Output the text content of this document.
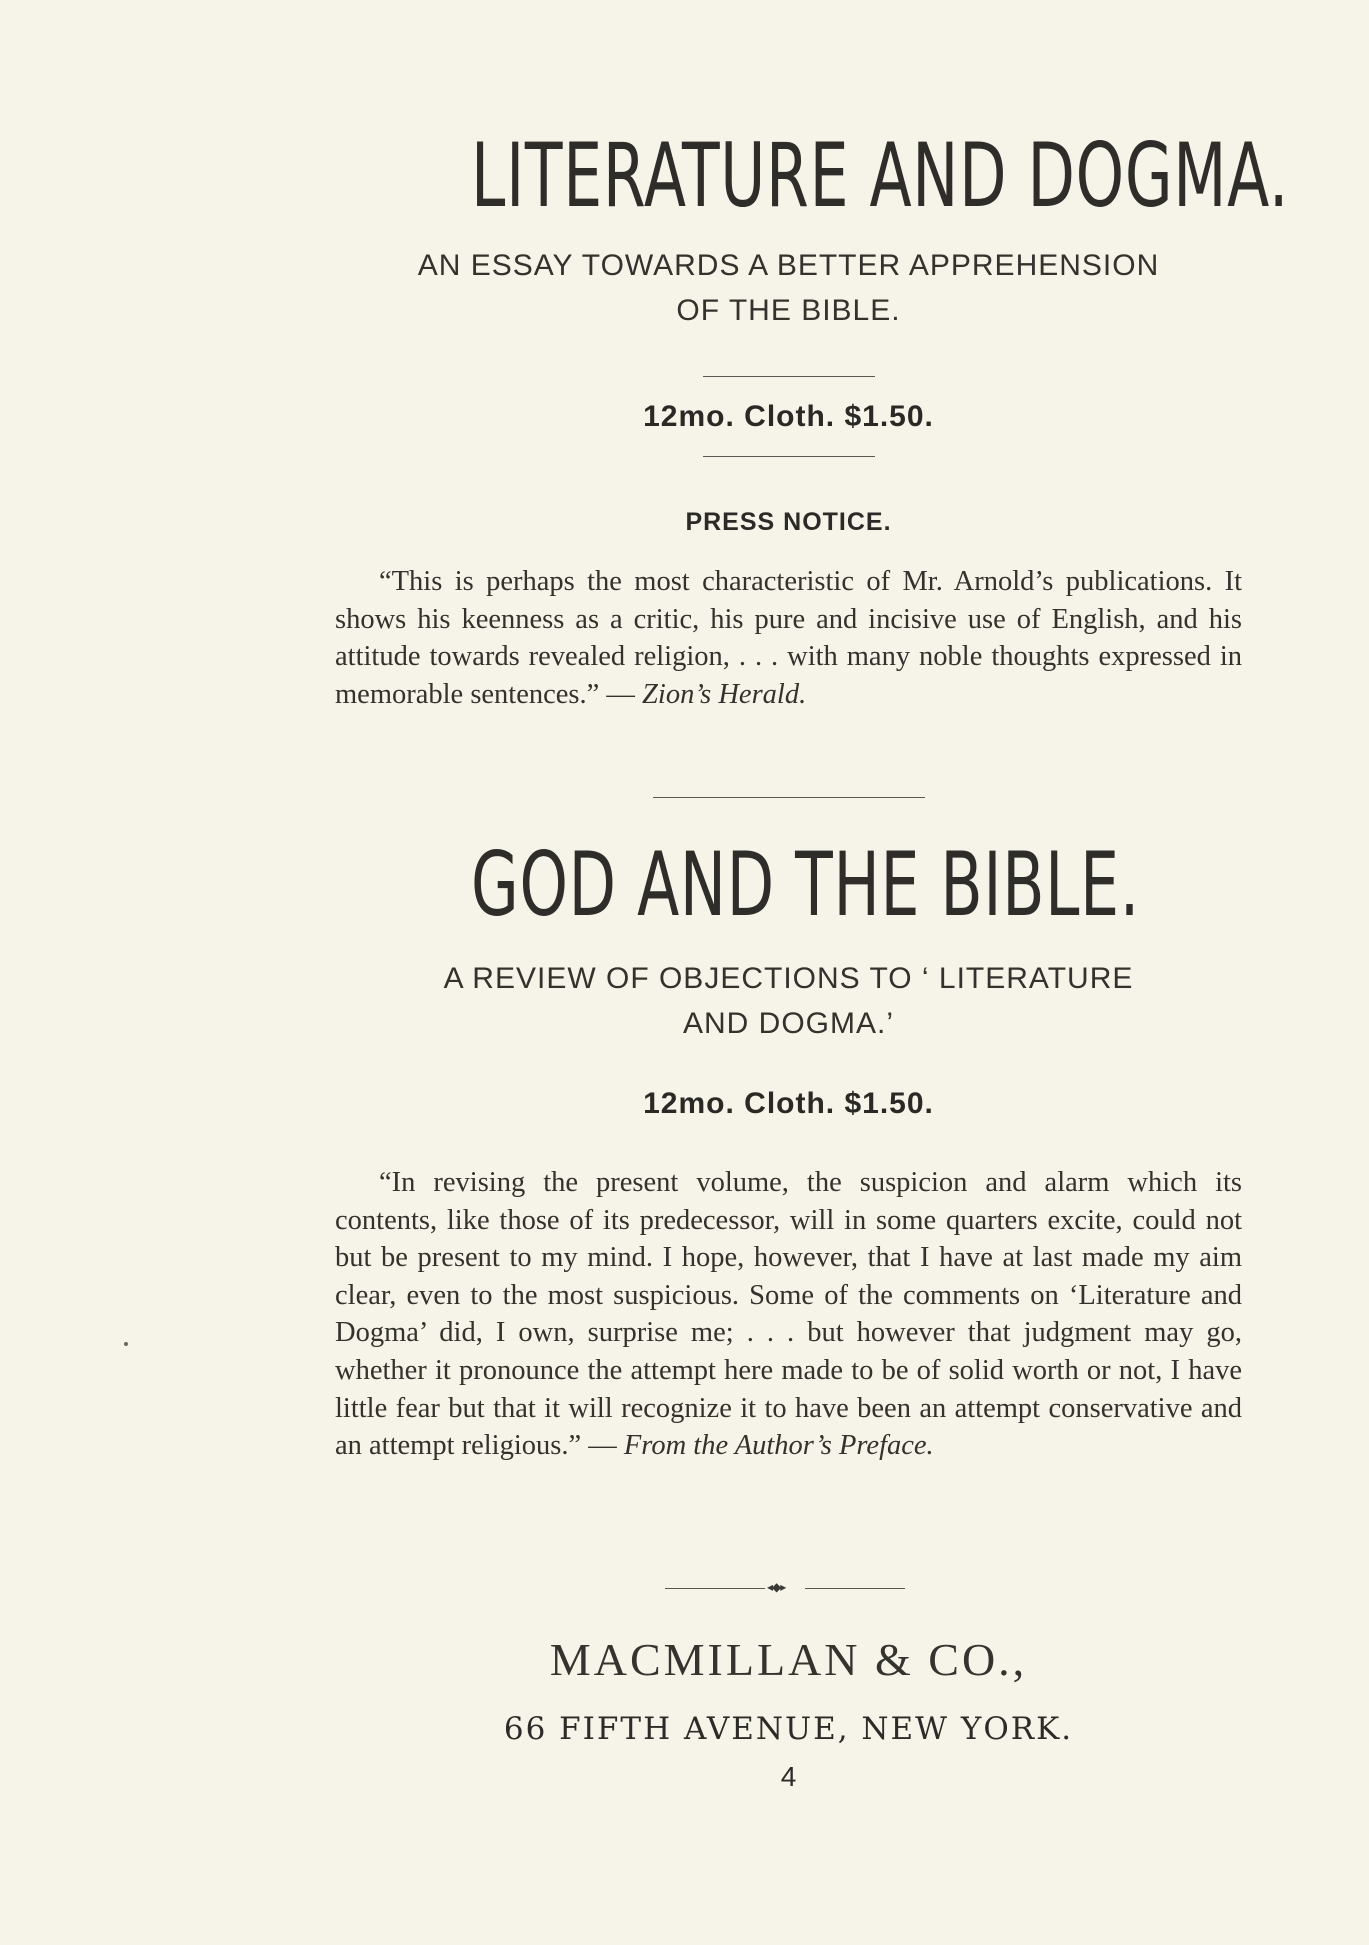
LITERATURE AND DOGMA.
AN ESSAY TOWARDS A BETTER APPREHENSION
OF THE BIBLE.
12mo. Cloth. $1.50.
PRESS NOTICE.
“This is perhaps the most characteristic of Mr. Arnold’s publications. It shows his keenness as a critic, his pure and incisive use of English, and his attitude towards revealed religion, . . . with many noble thoughts expressed in memorable sentences.” — Zion’s Herald.
GOD AND THE BIBLE.
A REVIEW OF OBJECTIONS TO ‘ LITERATURE
AND DOGMA.’
12mo. Cloth. $1.50.
“In revising the present volume, the suspicion and alarm which its contents, like those of its predecessor, will in some quarters excite, could not but be present to my mind. I hope, however, that I have at last made my aim clear, even to the most suspicious. Some of the comments on ‘Literature and Dogma’ did, I own, surprise me; . . . but however that judgment may go, whether it pronounce the attempt here made to be of solid worth or not, I have little fear but that it will recognize it to have been an attempt conservative and an attempt religious.” — From the Author’s Preface.
◂◆▸
MACMILLAN & CO.,
66 FIFTH AVENUE, NEW YORK.
4
